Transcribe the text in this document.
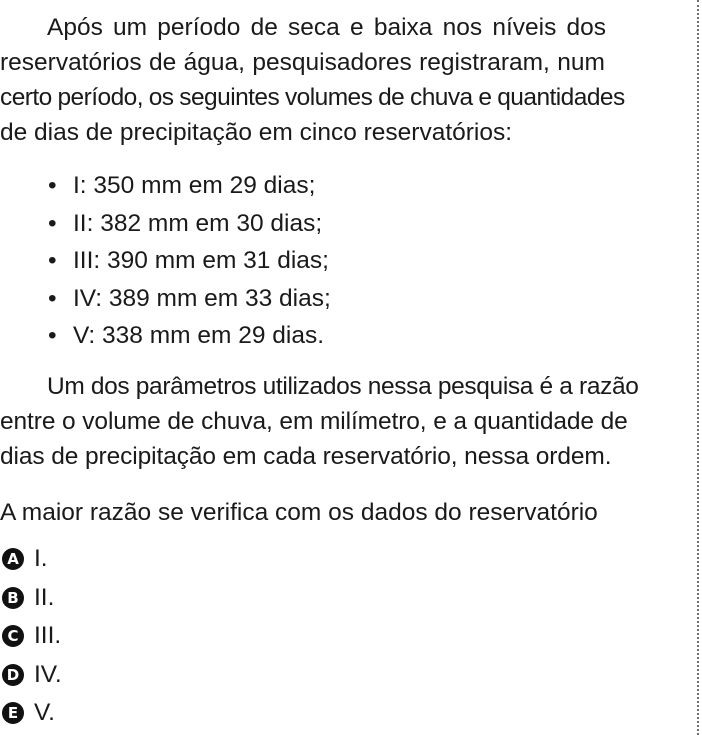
Após um período de seca e baixa nos níveis dos
reservatórios de água, pesquisadores registraram, num
certo período, os seguintes volumes de chuva e quantidades
de dias de precipitação em cinco reservatórios:

• I: 350 mm em 29 dias;
• II: 382 mm em 30 dias;
• III: 390 mm em 31 dias;
• IV: 389 mm em 33 dias;
• V: 338 mm em 29 dias.

Um dos parâmetros utilizados nessa pesquisa é a razão
entre o volume de chuva, em milímetro, e a quantidade de
dias de precipitação em cada reservatório, nessa ordem.

A maior razão se verifica com os dados do reservatório

A I.
B II.
C III.
D IV.
E V.
